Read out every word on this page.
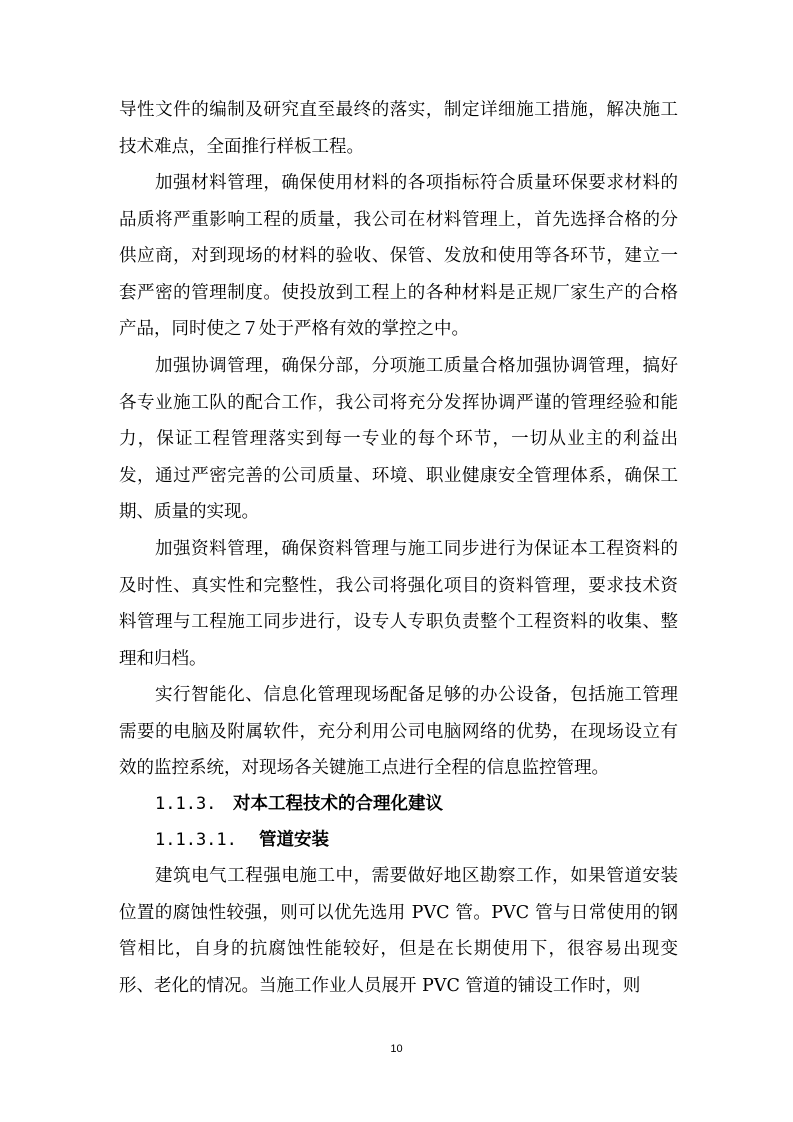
导性文件的编制及研究直至最终的落实，制定详细施工措施，解决施工技术难点，全面推行样板工程。

加强材料管理，确保使用材料的各项指标符合质量环保要求材料的品质将严重影响工程的质量，我公司在材料管理上，首先选择合格的分供应商，对到现场的材料的验收、保管、发放和使用等各环节，建立一套严密的管理制度。使投放到工程上的各种材料是正规厂家生产的合格产品，同时使之７处于严格有效的掌控之中。

加强协调管理，确保分部，分项施工质量合格加强协调管理，搞好各专业施工队的配合工作，我公司将充分发挥协调严谨的管理经验和能力，保证工程管理落实到每一专业的每个环节，一切从业主的利益出发，通过严密完善的公司质量、环境、职业健康安全管理体系，确保工期、质量的实现。

加强资料管理，确保资料管理与施工同步进行为保证本工程资料的及时性、真实性和完整性，我公司将强化项目的资料管理，要求技术资料管理与工程施工同步进行，设专人专职负责整个工程资料的收集、整理和归档。

实行智能化、信息化管理现场配备足够的办公设备，包括施工管理需要的电脑及附属软件，充分利用公司电脑网络的优势，在现场设立有效的监控系统，对现场各关键施工点进行全程的信息监控管理。

1.1.3. 对本工程技术的合理化建议
1.1.3.1. 管道安装

建筑电气工程强电施工中，需要做好地区勘察工作，如果管道安装位置的腐蚀性较强，则可以优先选用 PVC 管。PVC 管与日常使用的钢管相比，自身的抗腐蚀性能较好，但是在长期使用下，很容易出现变形、老化的情况。当施工作业人员展开 PVC 管道的铺设工作时，则

10
